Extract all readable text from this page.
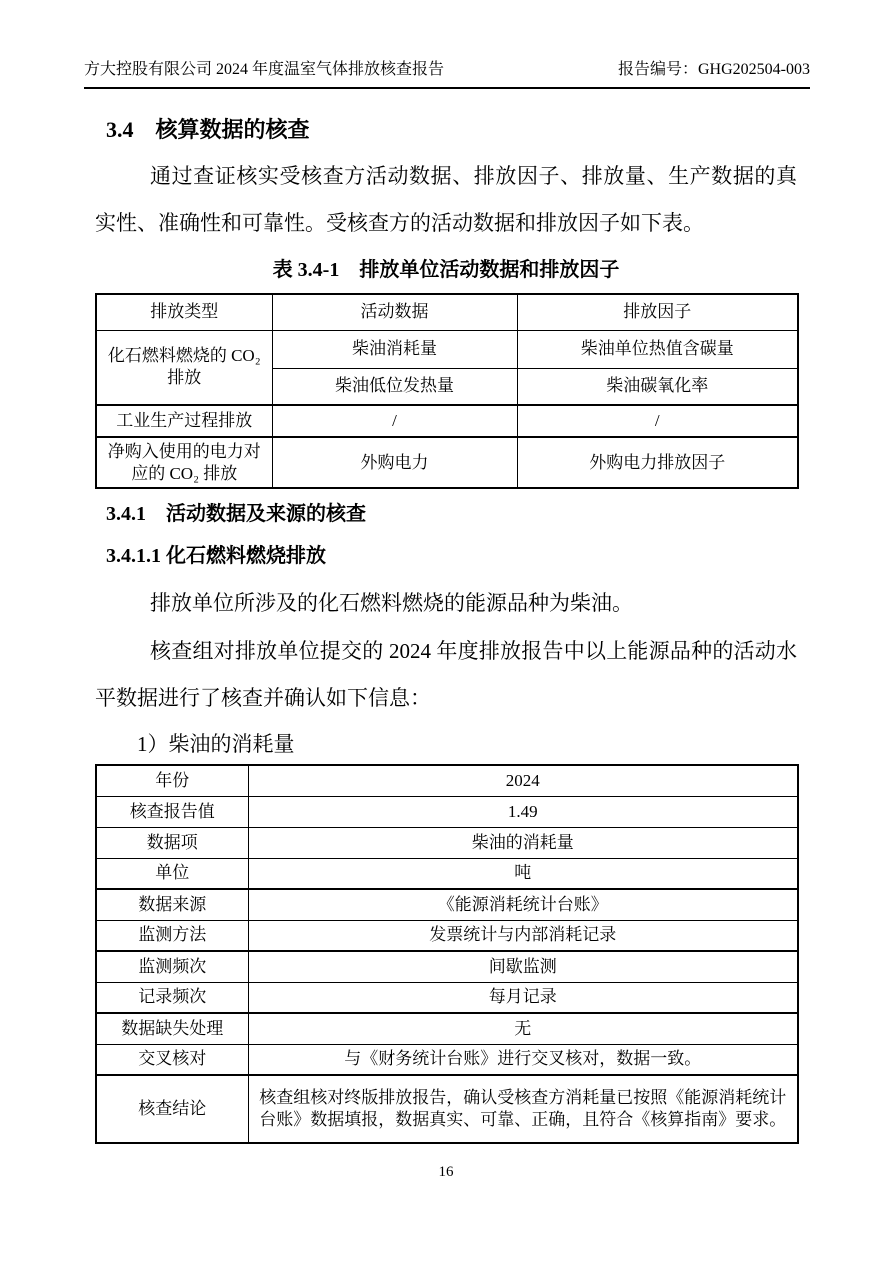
方大控股有限公司 2024 年度温室气体排放核查报告	报告编号：GHG202504-003
3.4　核算数据的核查
通过查证核实受核查方活动数据、排放因子、排放量、生产数据的真实性、准确性和可靠性。受核查方的活动数据和排放因子如下表。
表 3.4-1　排放单位活动数据和排放因子
排放类型	活动数据	排放因子
化石燃料燃烧的 CO₂ 排放	柴油消耗量	柴油单位热值含碳量
	柴油低位发热量	柴油碳氧化率
工业生产过程排放	/	/
净购入使用的电力对应的 CO₂ 排放	外购电力	外购电力排放因子
3.4.1　活动数据及来源的核查
3.4.1.1 化石燃料燃烧排放
排放单位所涉及的化石燃料燃烧的能源品种为柴油。
核查组对排放单位提交的 2024 年度排放报告中以上能源品种的活动水平数据进行了核查并确认如下信息：
1）柴油的消耗量
年份	2024
核查报告值	1.49
数据项	柴油的消耗量
单位	吨
数据来源	《能源消耗统计台账》
监测方法	发票统计与内部消耗记录
监测频次	间歇监测
记录频次	每月记录
数据缺失处理	无
交叉核对	与《财务统计台账》进行交叉核对，数据一致。
核查结论	核查组核对终版排放报告，确认受核查方消耗量已按照《能源消耗统计台账》数据填报，数据真实、可靠、正确，且符合《核算指南》要求。
16
